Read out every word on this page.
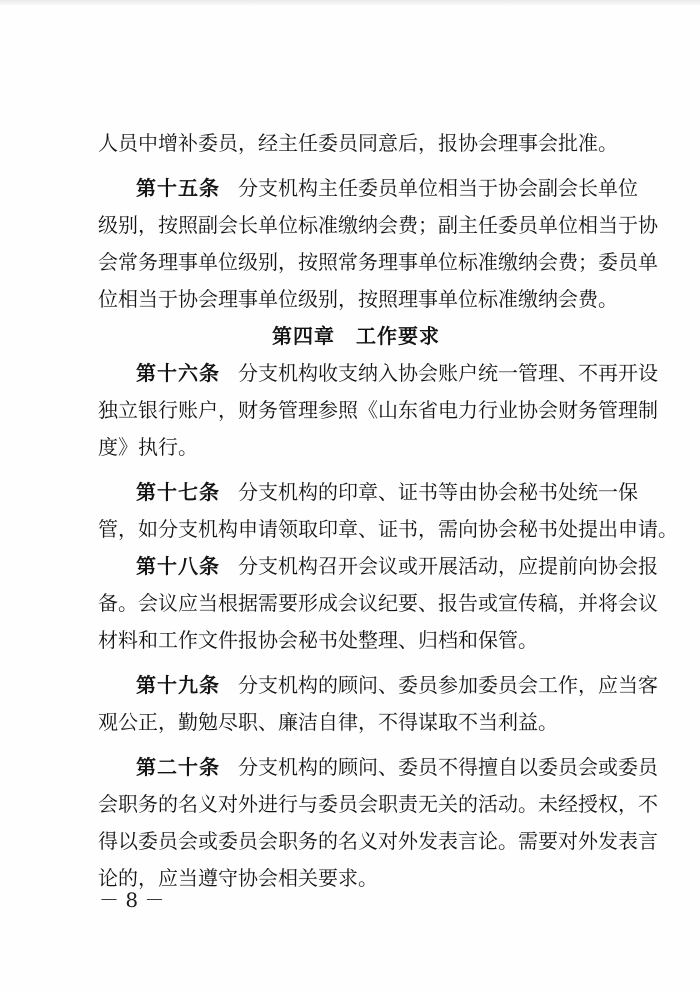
人员中增补委员，经主任委员同意后，报协会理事会批准。
第十五条 分支机构主任委员单位相当于协会副会长单位
级别，按照副会长单位标准缴纳会费；副主任委员单位相当于协
会常务理事单位级别，按照常务理事单位标准缴纳会费；委员单
位相当于协会理事单位级别，按照理事单位标准缴纳会费。
第四章　工作要求
第十六条 分支机构收支纳入协会账户统一管理、不再开设
独立银行账户，财务管理参照《山东省电力行业协会财务管理制
度》执行。
第十七条 分支机构的印章、证书等由协会秘书处统一保
管，如分支机构申请领取印章、证书，需向协会秘书处提出申请。
第十八条 分支机构召开会议或开展活动，应提前向协会报
备。会议应当根据需要形成会议纪要、报告或宣传稿，并将会议
材料和工作文件报协会秘书处整理、归档和保管。
第十九条 分支机构的顾问、委员参加委员会工作，应当客
观公正，勤勉尽职、廉洁自律，不得谋取不当利益。
第二十条 分支机构的顾问、委员不得擅自以委员会或委员
会职务的名义对外进行与委员会职责无关的活动。未经授权，不
得以委员会或委员会职务的名义对外发表言论。需要对外发表言
论的，应当遵守协会相关要求。
－ 8 －
